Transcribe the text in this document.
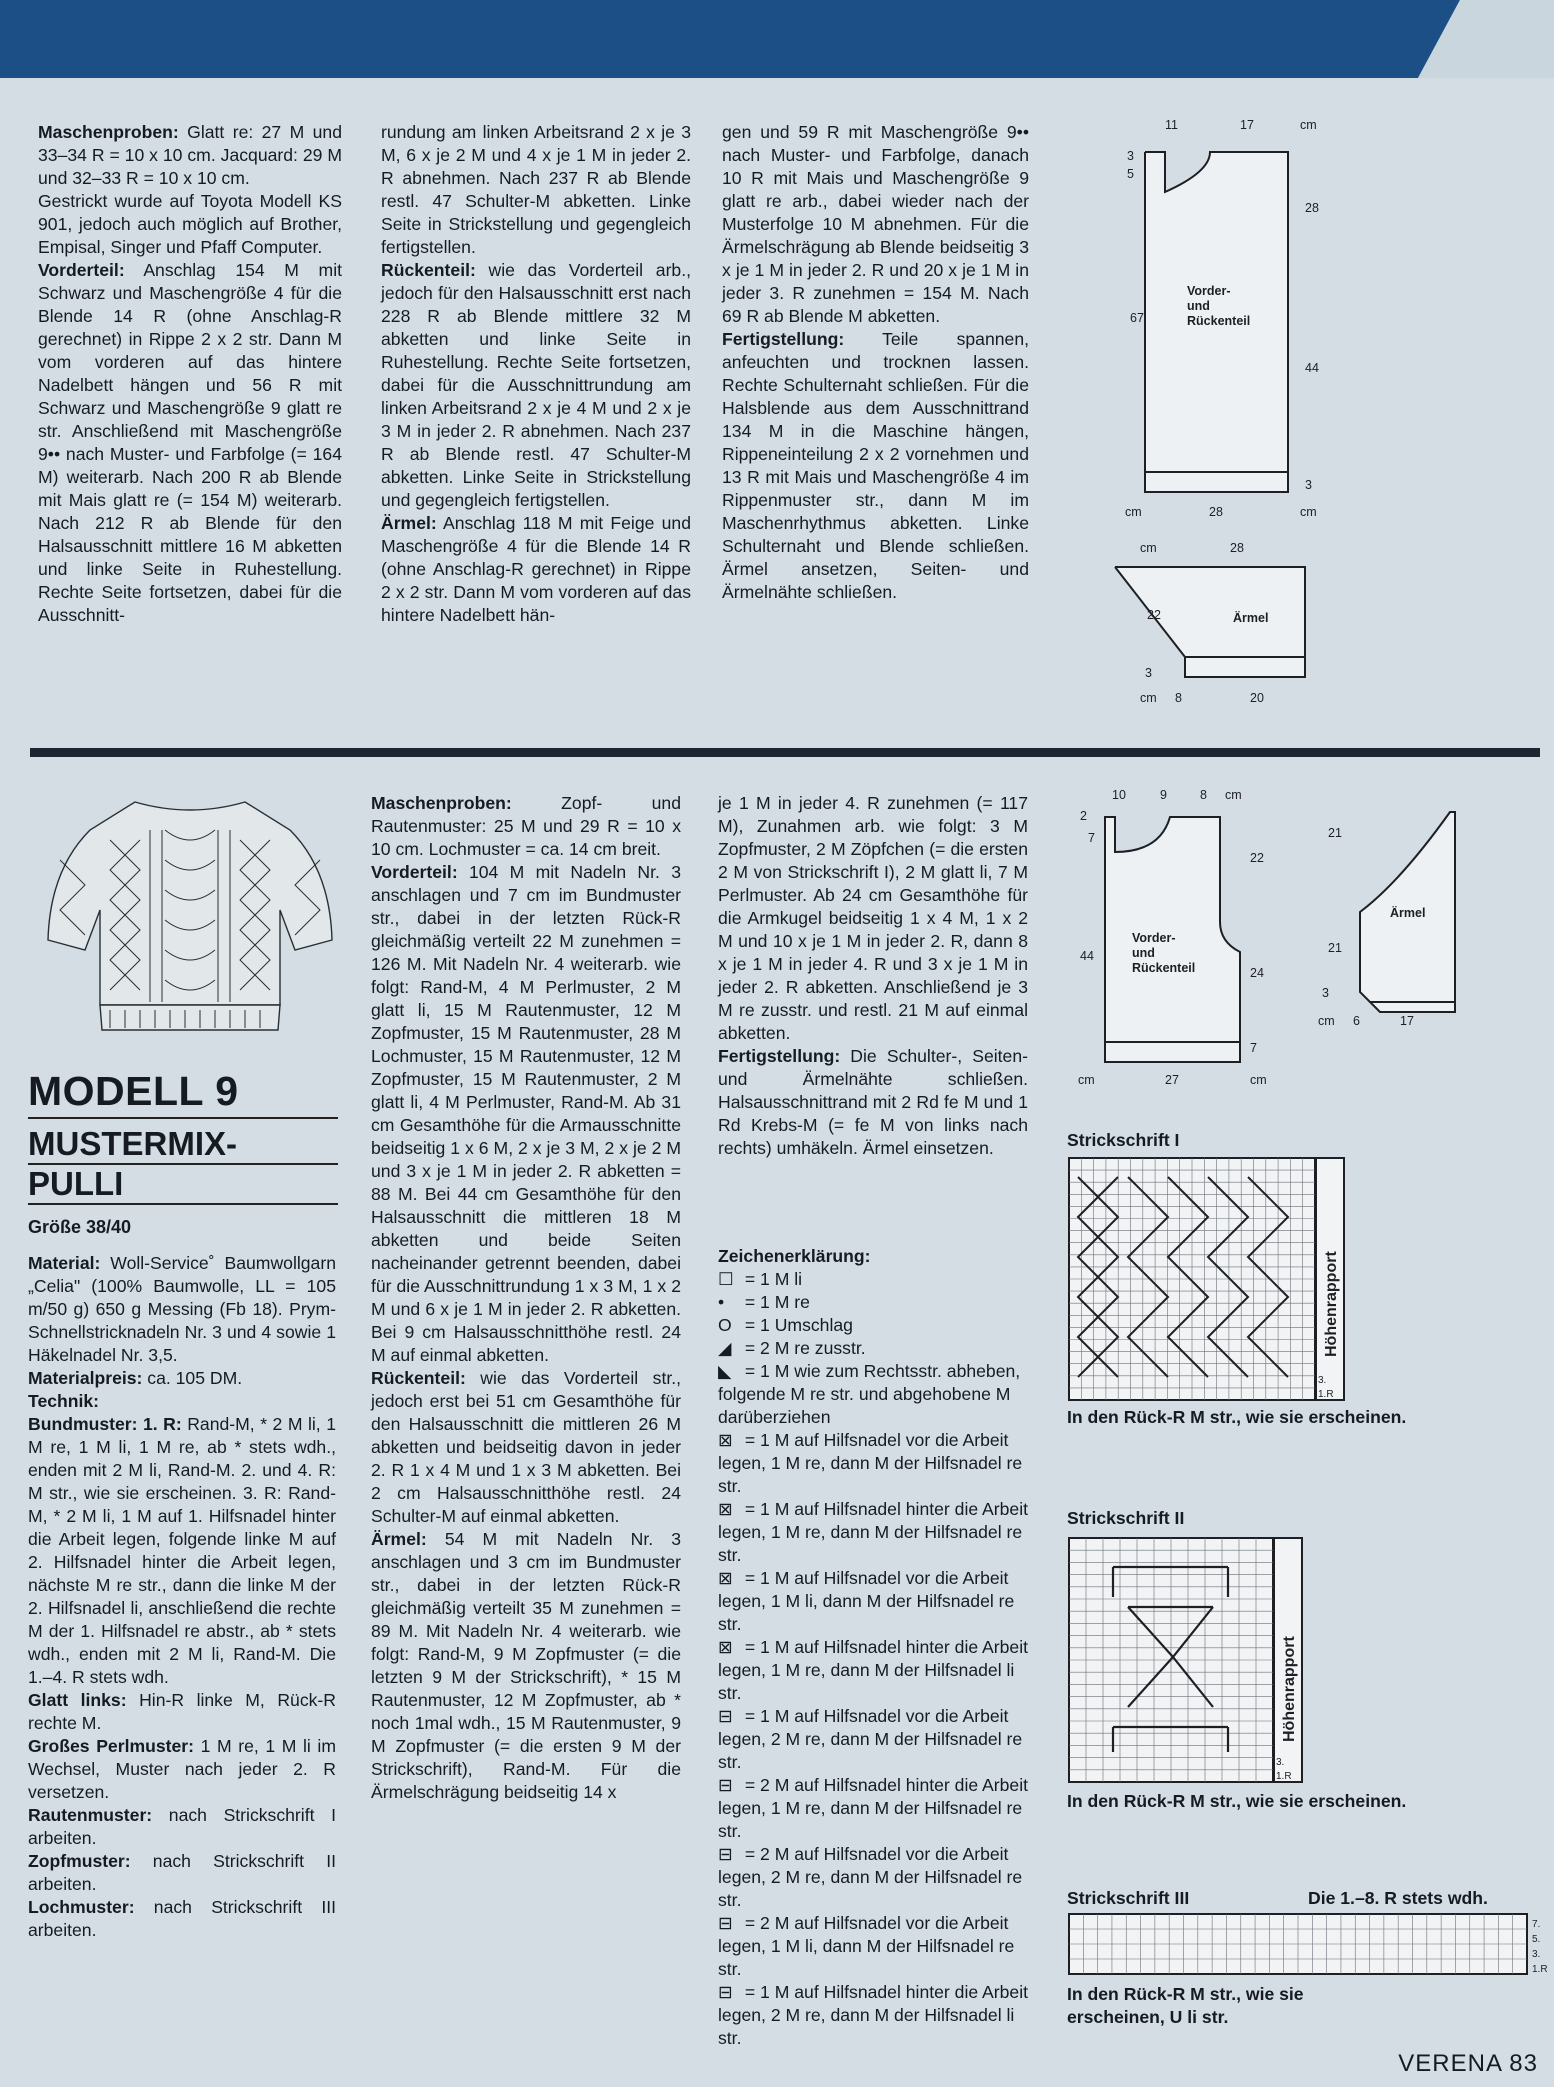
Maschenproben: Glatt re: 27 M und 33–34 R = 10 x 10 cm. Jacquard: 29 M und 32–33 R = 10 x 10 cm.

Gestrickt wurde auf Toyota Modell KS 901, jedoch auch möglich auf Brother, Empisal, Singer und Pfaff Computer.

Vorderteil: Anschlag 154 M mit Schwarz und Maschengröße 4 für die Blende 14 R (ohne Anschlag-R gerechnet) in Rippe 2 x 2 str. Dann M vom vorderen auf das hintere Nadelbett hängen und 56 R mit Schwarz und Maschengröße 9 glatt re str. Anschließend mit Maschengröße 9•• nach Muster- und Farbfolge (= 164 M) weiterarb. Nach 200 R ab Blende mit Mais glatt re (= 154 M) weiterarb. Nach 212 R ab Blende für den Halsausschnitt mittlere 16 M abketten und linke Seite in Ruhestellung. Rechte Seite fortsetzen, dabei für die Ausschnitt-

rundung am linken Arbeitsrand 2 x je 3 M, 6 x je 2 M und 4 x je 1 M in jeder 2. R abnehmen. Nach 237 R ab Blende restl. 47 Schulter-M abketten. Linke Seite in Strickstellung und gegengleich fertigstellen.

Rückenteil: wie das Vorderteil arb., jedoch für den Halsausschnitt erst nach 228 R ab Blende mittlere 32 M abketten und linke Seite in Ruhestellung. Rechte Seite fortsetzen, dabei für die Ausschnittrundung am linken Arbeitsrand 2 x je 4 M und 2 x je 3 M in jeder 2. R abnehmen. Nach 237 R ab Blende restl. 47 Schulter-M abketten. Linke Seite in Strickstellung und gegengleich fertigstellen.

Ärmel: Anschlag 118 M mit Feige und Maschengröße 4 für die Blende 14 R (ohne Anschlag-R gerechnet) in Rippe 2 x 2 str. Dann M vom vorderen auf das hintere Nadelbett hän-

gen und 59 R mit Maschengröße 9•• nach Muster- und Farbfolge, danach 10 R mit Mais und Maschengröße 9 glatt re arb., dabei wieder nach der Musterfolge 10 M abnehmen. Für die Ärmelschrägung ab Blende beidseitig 3 x je 1 M in jeder 2. R und 20 x je 1 M in jeder 3. R zunehmen = 154 M. Nach 69 R ab Blende M abketten.

Fertigstellung: Teile spannen, anfeuchten und trocknen lassen. Rechte Schulternaht schließen. Für die Halsblende aus dem Ausschnittrand 134 M in die Maschine hängen, Rippeneinteilung 2 x 2 vornehmen und 13 R mit Mais und Maschengröße 4 im Rippenmuster str., dann M im Maschenrhythmus abketten. Linke Schulternaht und Blende schließen. Ärmel ansetzen, Seiten- und Ärmelnähte schließen.

11	17	cm
3
5
67
28
44
3
Vorder-
und
Rückenteil
cm	28	cm
cm	28
22
3
Ärmel
cm 8	20
MODELL 9
MUSTERMIX-
PULLI
Größe 38/40

Material: Woll-Service˚ Baumwollgarn „Celia" (100% Baumwolle, LL = 105 m/50 g) 650 g Messing (Fb 18). Prym-Schnellstricknadeln Nr. 3 und 4 sowie 1 Häkelnadel Nr. 3,5.

Materialpreis: ca. 105 DM.

Technik:

Bundmuster: 1. R: Rand-M, * 2 M li, 1 M re, 1 M li, 1 M re, ab * stets wdh., enden mit 2 M li, Rand-M. 2. und 4. R: M str., wie sie erscheinen. 3. R: Rand-M, * 2 M li, 1 M auf 1. Hilfsnadel hinter die Arbeit legen, folgende linke M auf 2. Hilfsnadel hinter die Arbeit legen, nächste M re str., dann die linke M der 2. Hilfsnadel li, anschließend die rechte M der 1. Hilfsnadel re abstr., ab * stets wdh., enden mit 2 M li, Rand-M. Die 1.–4. R stets wdh.

Glatt links: Hin-R linke M, Rück-R rechte M.

Großes Perlmuster: 1 M re, 1 M li im Wechsel, Muster nach jeder 2. R versetzen.

Rautenmuster: nach Strickschrift I arbeiten.

Zopfmuster: nach Strickschrift II arbeiten.

Lochmuster: nach Strickschrift III arbeiten.

Maschenproben: Zopf- und Rautenmuster: 25 M und 29 R = 10 x 10 cm. Lochmuster = ca. 14 cm breit.

Vorderteil: 104 M mit Nadeln Nr. 3 anschlagen und 7 cm im Bundmuster str., dabei in der letzten Rück-R gleichmäßig verteilt 22 M zunehmen = 126 M. Mit Nadeln Nr. 4 weiterarb. wie folgt: Rand-M, 4 M Perlmuster, 2 M glatt li, 15 M Rautenmuster, 12 M Zopfmuster, 15 M Rautenmuster, 28 M Lochmuster, 15 M Rautenmuster, 12 M Zopfmuster, 15 M Rautenmuster, 2 M glatt li, 4 M Perlmuster, Rand-M. Ab 31 cm Gesamthöhe für die Armausschnitte beidseitig 1 x 6 M, 2 x je 3 M, 2 x je 2 M und 3 x je 1 M in jeder 2. R abketten = 88 M. Bei 44 cm Gesamthöhe für den Halsausschnitt die mittleren 18 M abketten und beide Seiten nacheinander getrennt beenden, dabei für die Ausschnittrundung 1 x 3 M, 1 x 2 M und 6 x je 1 M in jeder 2. R abketten. Bei 9 cm Halsausschnitthöhe restl. 24 M auf einmal abketten.

Rückenteil: wie das Vorderteil str., jedoch erst bei 51 cm Gesamthöhe für den Halsausschnitt die mittleren 26 M abketten und beidseitig davon in jeder 2. R 1 x 4 M und 1 x 3 M abketten. Bei 2 cm Halsausschnitthöhe restl. 24 Schulter-M auf einmal abketten.

Ärmel: 54 M mit Nadeln Nr. 3 anschlagen und 3 cm im Bundmuster str., dabei in der letzten Rück-R gleichmäßig verteilt 35 M zunehmen = 89 M. Mit Nadeln Nr. 4 weiterarb. wie folgt: Rand-M, 9 M Zopfmuster (= die letzten 9 M der Strickschrift), * 15 M Rautenmuster, 12 M Zopfmuster, ab * noch 1mal wdh., 15 M Rautenmuster, 9 M Zopfmuster (= die ersten 9 M der Strickschrift), Rand-M. Für die Ärmelschrägung beidseitig 14 x

je 1 M in jeder 4. R zunehmen (= 117 M), Zunahmen arb. wie folgt: 3 M Zopfmuster, 2 M Zöpfchen (= die ersten 2 M von Strickschrift I), 2 M glatt li, 7 M Perlmuster. Ab 24 cm Gesamthöhe für die Armkugel beidseitig 1 x 4 M, 1 x 2 M und 10 x je 1 M in jeder 2. R, dann 8 x je 1 M in jeder 4. R und 3 x je 1 M in jeder 2. R abketten. Anschließend je 3 M re zusstr. und restl. 21 M auf einmal abketten.

Fertigstellung: Die Schulter-, Seiten- und Ärmelnähte schließen. Halsausschnittrand mit 2 Rd fe M und 1 Rd Krebs-M (= fe M von links nach rechts) umhäkeln. Ärmel einsetzen.

Zeichenerklärung:

☐ = 1 M li

• = 1 M re

O = 1 Umschlag

◢ = 2 M re zusstr.

◣ = 1 M wie zum Rechtsstr. abheben, folgende M re str. und abgehobene M darüberziehen

⊠ = 1 M auf Hilfsnadel vor die Arbeit legen, 1 M re, dann M der Hilfsnadel re str.

⊠ = 1 M auf Hilfsnadel hinter die Arbeit legen, 1 M re, dann M der Hilfsnadel re str.

⊠ = 1 M auf Hilfsnadel vor die Arbeit legen, 1 M li, dann M der Hilfsnadel re str.

⊠ = 1 M auf Hilfsnadel hinter die Arbeit legen, 1 M re, dann M der Hilfsnadel li str.

⊟ = 1 M auf Hilfsnadel vor die Arbeit legen, 2 M re, dann M der Hilfsnadel re str.

⊟ = 2 M auf Hilfsnadel hinter die Arbeit legen, 1 M re, dann M der Hilfsnadel re str.

⊟ = 2 M auf Hilfsnadel vor die Arbeit legen, 2 M re, dann M der Hilfsnadel re str.

⊟ = 2 M auf Hilfsnadel vor die Arbeit legen, 1 M li, dann M der Hilfsnadel re str.

⊟ = 1 M auf Hilfsnadel hinter die Arbeit legen, 2 M re, dann M der Hilfsnadel li str.

10	9	8 cm
2
7
44
22
24
7
Vorder-
und
Rückenteil
cm	27	cm
21
21
3
Ärmel
cm 6	17
Strickschrift I
Höhenrapport
3.
1.R
In den Rück-R M str., wie sie erscheinen.
Strickschrift II
Höhenrapport
3.
1.R
In den Rück-R M str., wie sie erscheinen.
Strickschrift III	Die 1.–8. R stets wdh.
7.
5.
3.
1.R
In den Rück-R M str., wie sie
erscheinen, U li str.
VERENA 83
